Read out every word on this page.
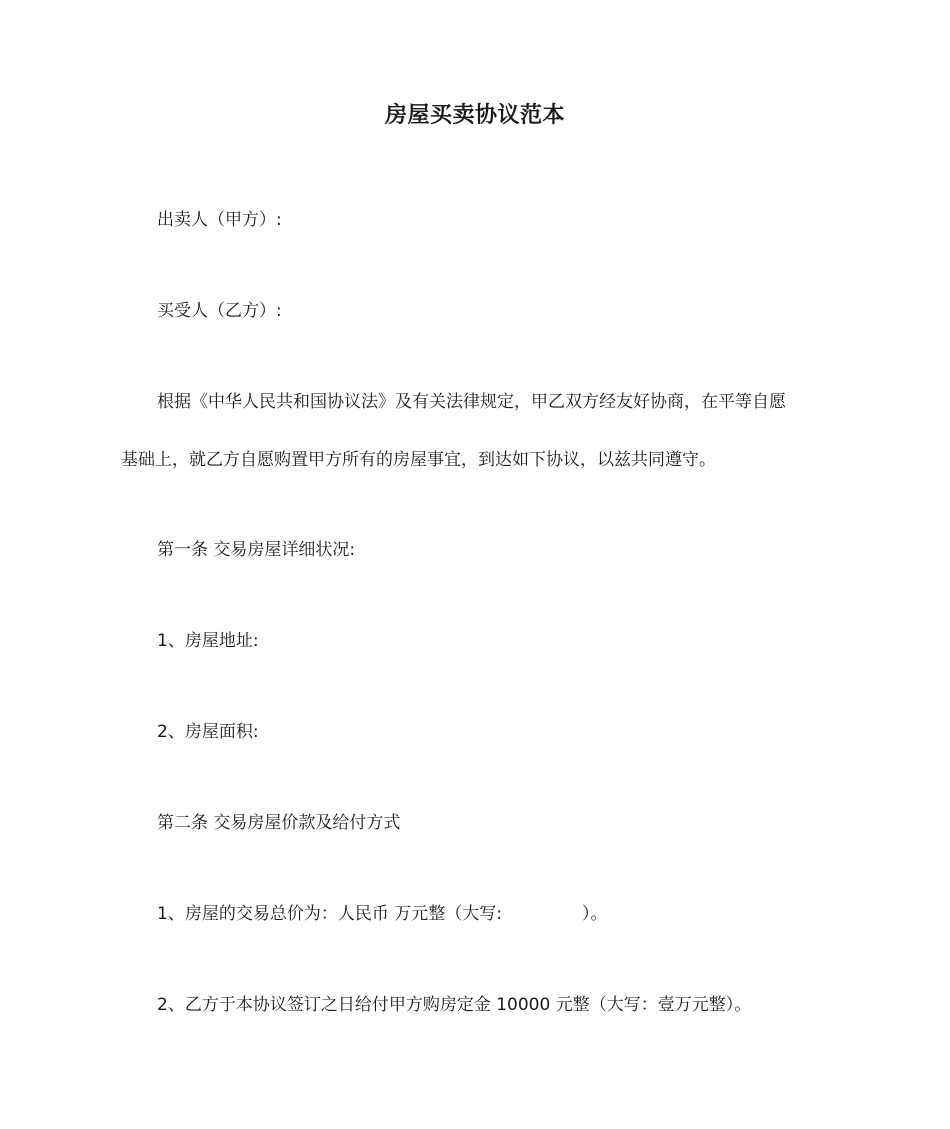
房屋买卖协议范本
出卖人（甲方）:
买受人（乙方）:
根据《中华人民共和国协议法》及有关法律规定，甲乙双方经友好协商，在平等自愿
基础上，就乙方自愿购置甲方所有的房屋事宜，到达如下协议，以兹共同遵守。
第一条 交易房屋详细状况:
1、房屋地址:
2、房屋面积:
第二条 交易房屋价款及给付方式
1、房屋的交易总价为：人民币 万元整（大写:	）。
2、乙方于本协议签订之日给付甲方购房定金 10000 元整（大写：壹万元整）。
